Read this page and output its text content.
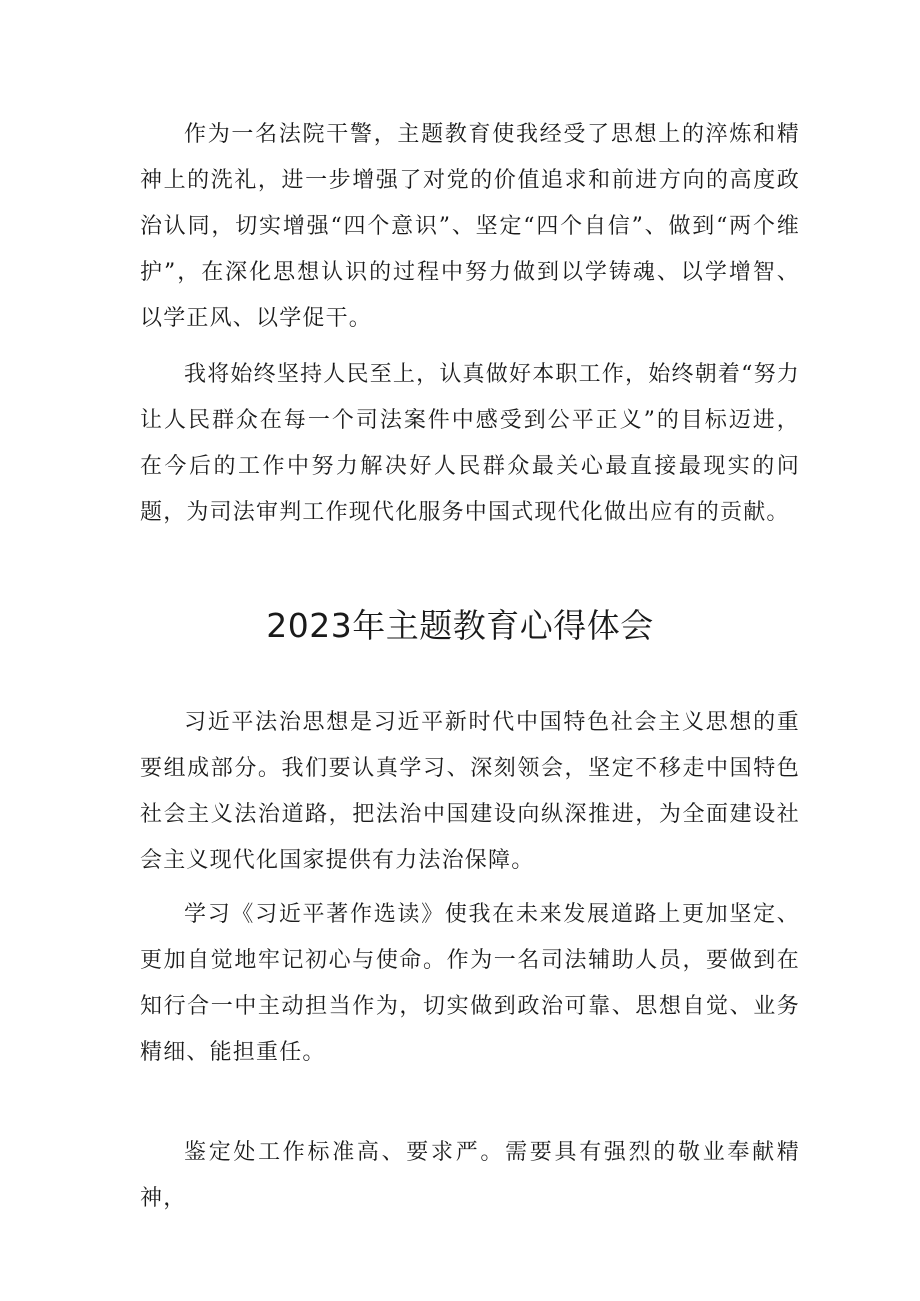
作为一名法院干警，主题教育使我经受了思想上的淬炼和精神上的洗礼，进一步增强了对党的价值追求和前进方向的高度政治认同，切实增强“四个意识”、坚定“四个自信”、做到“两个维护”，在深化思想认识的过程中努力做到以学铸魂、以学增智、以学正风、以学促干。

我将始终坚持人民至上，认真做好本职工作，始终朝着“努力让人民群众在每一个司法案件中感受到公平正义”的目标迈进，在今后的工作中努力解决好人民群众最关心最直接最现实的问题，为司法审判工作现代化服务中国式现代化做出应有的贡献。

2023年主题教育心得体会

习近平法治思想是习近平新时代中国特色社会主义思想的重要组成部分。我们要认真学习、深刻领会，坚定不移走中国特色社会主义法治道路，把法治中国建设向纵深推进，为全面建设社会主义现代化国家提供有力法治保障。

学习《习近平著作选读》使我在未来发展道路上更加坚定、更加自觉地牢记初心与使命。作为一名司法辅助人员，要做到在知行合一中主动担当作为，切实做到政治可靠、思想自觉、业务精细、能担重任。

鉴定处工作标准高、要求严。需要具有强烈的敬业奉献精神，
